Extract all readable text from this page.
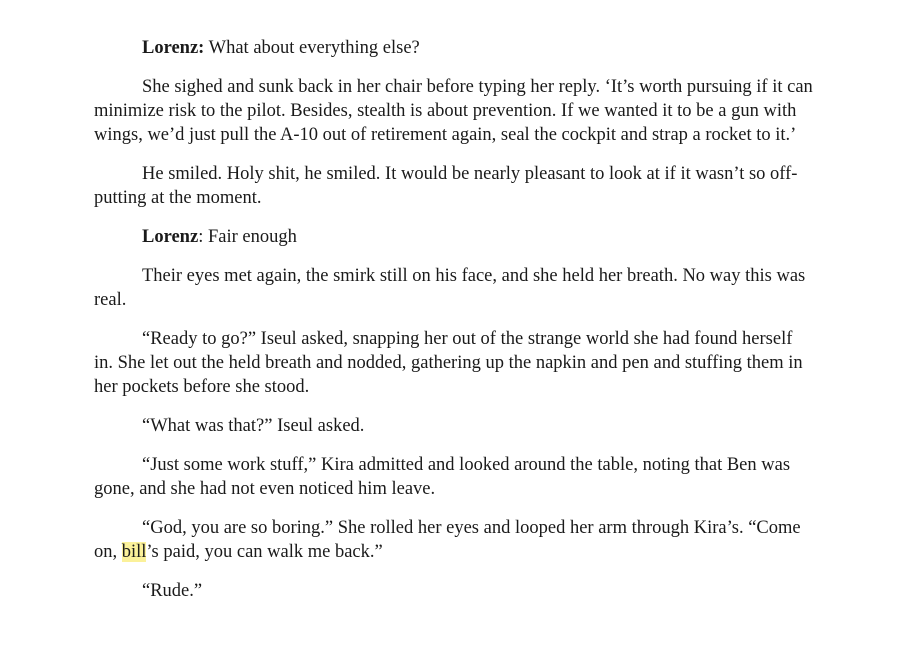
Lorenz: What about everything else?

She sighed and sunk back in her chair before typing her reply. ‘It’s worth pursuing if it can minimize risk to the pilot. Besides, stealth is about prevention. If we wanted it to be a gun with wings, we’d just pull the A-10 out of retirement again, seal the cockpit and strap a rocket to it.’

He smiled. Holy shit, he smiled. It would be nearly pleasant to look at if it wasn’t so off-putting at the moment.

Lorenz: Fair enough

Their eyes met again, the smirk still on his face, and she held her breath. No way this was real.

“Ready to go?” Iseul asked, snapping her out of the strange world she had found herself in. She let out the held breath and nodded, gathering up the napkin and pen and stuffing them in her pockets before she stood.

“What was that?” Iseul asked.

“Just some work stuff,” Kira admitted and looked around the table, noting that Ben was gone, and she had not even noticed him leave.

“God, you are so boring.” She rolled her eyes and looped her arm through Kira’s. “Come on, bill’s paid, you can walk me back.”

“Rude.”
